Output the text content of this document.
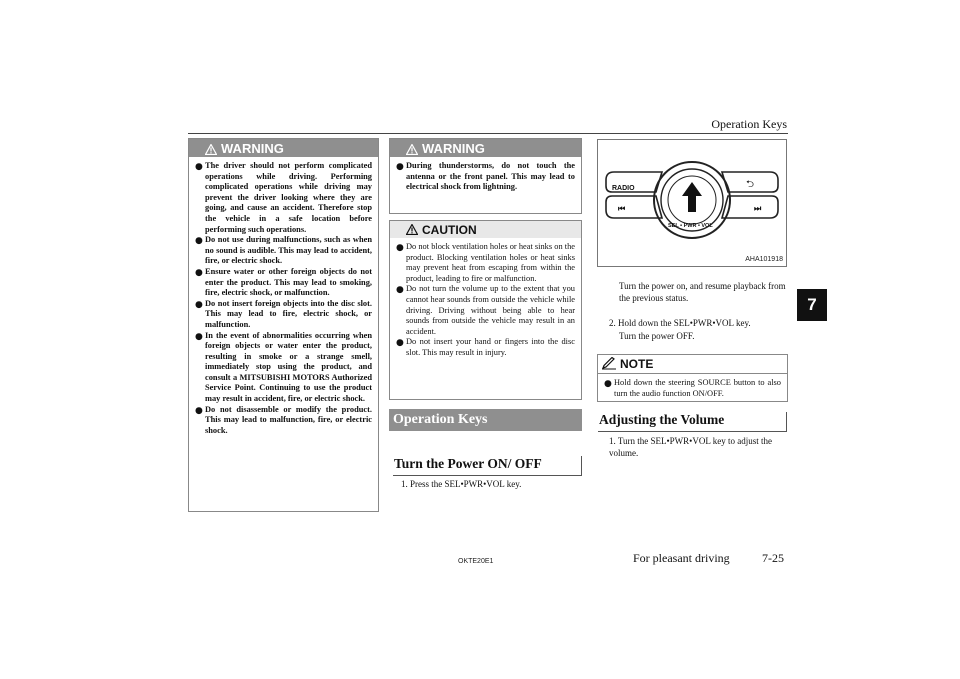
Operation Keys
7
WARNING
● The driver should not perform complicated operations while driving. Performing complicated operations while driving may prevent the driver looking where they are going, and cause an accident. Therefore stop the vehicle in a safe location before performing such operations.
● Do not use during malfunctions, such as when no sound is audible. This may lead to accident, fire, or electric shock.
● Ensure water or other foreign objects do not enter the product. This may lead to smoking, fire, electric shock, or malfunction.
● Do not insert foreign objects into the disc slot. This may lead to fire, electric shock, or malfunction.
● In the event of abnormalities occurring when foreign objects or water enter the product, resulting in smoke or a strange smell, immediately stop using the product, and consult a MITSUBISHI MOTORS Authorized Service Point. Continuing to use the product may result in accident, fire, or electric shock.
● Do not disassemble or modify the product. This may lead to malfunction, fire, or electric shock.
WARNING
● During thunderstorms, do not touch the antenna or the front panel. This may lead to electrical shock from lightning.
CAUTION
● Do not block ventilation holes or heat sinks on the product. Blocking ventilation holes or heat sinks may prevent heat from escaping from within the product, leading to fire or malfunction.
● Do not turn the volume up to the extent that you cannot hear sounds from outside the vehicle while driving. Driving without being able to hear sounds from outside the vehicle may result in an accident.
● Do not insert your hand or fingers into the disc slot. This may result in injury.
Operation Keys
Turn the Power ON/ OFF
1. Press the SEL•PWR•VOL key.
⮌
⏮	⏭
RADIO
SEL • PWR • VOL
AHA101918
Turn the power on, and resume playback from the previous status.
2. Hold down the SEL•PWR•VOL key.
Turn the power OFF.
NOTE
● Hold down the steering SOURCE button to also turn the audio function ON/OFF.
Adjusting the Volume
1. Turn the SEL•PWR•VOL key to adjust the volume.
OKTE20E1	For pleasant driving	7-25
